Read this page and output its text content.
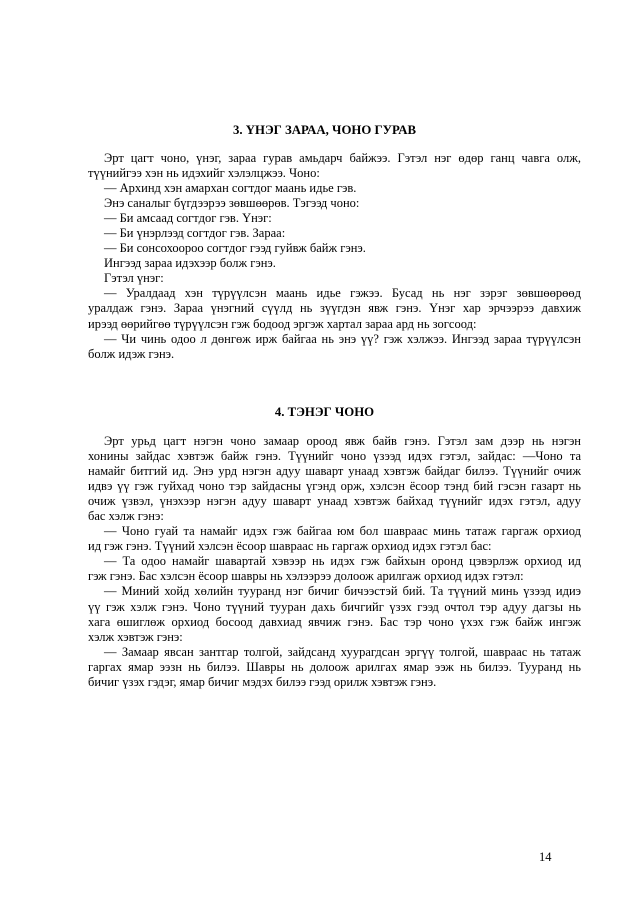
3. ҮНЭГ ЗАРАА, ЧОНО ГУРАВ
Эрт цагт чоно, үнэг, зараа гурав амьдарч байжээ. Гэтэл нэг өдөр ганц чавга олж,
түүнийгээ хэн нь идэхийг хэлэлцжээ. Чоно:
— Архинд хэн амархан согтдог маань идье гэв.
Энэ саналыг бүгдээрээ зөвшөөрөв. Тэгээд чоно:
— Би амсаад согтдог гэв. Үнэг:
— Би үнэрлээд согтдог гэв. Зараа:
— Би сонсохоороо согтдог гээд гуйвж байж гэнэ.
Ингээд зараа идэхээр болж гэнэ.
Гэтэл үнэг:
— Уралдаад хэн түрүүлсэн маань идье гэжээ. Бусад нь нэг зэрэг зөвшөөрөөд
уралдаж гэнэ. Зараа үнэгний сүүлд нь зүүгдэн явж гэнэ. Үнэг хар эрчээрээ давхиж
ирээд өөрийгөө түрүүлсэн гэж бодоод эргэж хартал зараа ард нь зогсоод:
— Чи чинь одоо л дөнгөж ирж байгаа нь энэ үү? гэж хэлжээ. Ингээд зараа түрүүлсэн
болж идэж гэнэ.
4. ТЭНЭГ ЧОНО
Эрт урьд цагт нэгэн чоно замаар ороод явж байв гэнэ. Гэтэл зам дээр нь нэгэн
хонины зайдас хэвтэж байж гэнэ. Түүнийг чоно үзээд идэх гэтэл, зайдас: —Чоно та
намайг битгий ид. Энэ урд нэгэн адуу шаварт унаад хэвтэж байдаг билээ. Түүнийг очиж
идвэ үү гэж гуйхад чоно тэр зайдасны үгэнд орж, хэлсэн ёсоор тэнд бий гэсэн газарт нь
очиж үзвэл, үнэхээр нэгэн адуу шаварт унаад хэвтэж байхад түүнийг идэх гэтэл, адуу
бас хэлж гэнэ:
— Чоно гуай та намайг идэх гэж байгаа юм бол шавраас минь татаж гаргаж орхиод
ид гэж гэнэ. Түүний хэлсэн ёсоор шавраас нь гаргаж орхиод идэх гэтэл бас:
— Та одоо намайг шавартай хэвээр нь идэх гэж байхын оронд цэвэрлэж орхиод ид
гэж гэнэ. Бас хэлсэн ёсоор шавры нь хэлээрээ долоож арилгаж орхиод идэх гэтэл:
— Миний хойд хөлийн тууранд нэг бичиг бичээстэй бий. Та түүний минь үзээд идиэ
үү гэж хэлж гэнэ. Чоно түүний тууран дахь бичгийг үзэх гээд очтол тэр адуу дагзы нь
хага өшиглөж орхиод босоод давхиад явчиж гэнэ. Бас тэр чоно үхэх гэж байж ингэж
хэлж хэвтэж гэнэ:
— Замаар явсан зантгар толгой, зайдсанд хуурагдсан эргүү толгой, шавраас нь татаж
гаргах ямар ээзн нь билээ. Шавры нь долоож арилгах ямар ээж нь билээ. Тууранд нь
бичиг үзэх гэдэг, ямар бичиг мэдэх билээ гээд орилж хэвтэж гэнэ.
14
